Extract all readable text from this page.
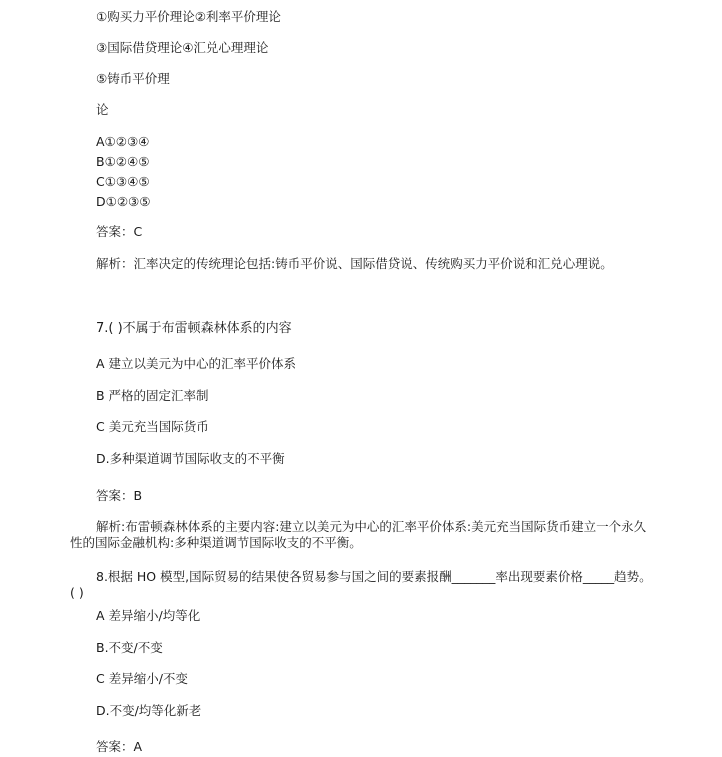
①购买力平价理论②利率平价理论
③国际借贷理论④汇兑心理理论
⑤铸币平价理
论
A①②③④
B①②④⑤
C①③④⑤
D①②③⑤
答案：C
解析：汇率决定的传统理论包括:铸币平价说、国际借贷说、传统购买力平价说和汇兑心理说。
7.( )不属于布雷顿森林体系的内容
A 建立以美元为中心的汇率平价体系
B 严格的固定汇率制
C 美元充当国际货币
D.多种渠道调节国际收支的不平衡
答案：B
解析:布雷顿森林体系的主要内容:建立以美元为中心的汇率平价体系:美元充当国际货币建立一个永久
性的国际金融机构:多种渠道调节国际收支的不平衡。
8.根据 HO 模型,国际贸易的结果使各贸易参与国之间的要素报酬_______率出现要素价格_____趋势。
( )
A 差异缩小/均等化
B.不变/不变
C 差异缩小/不变
D.不变/均等化新老
答案：A
